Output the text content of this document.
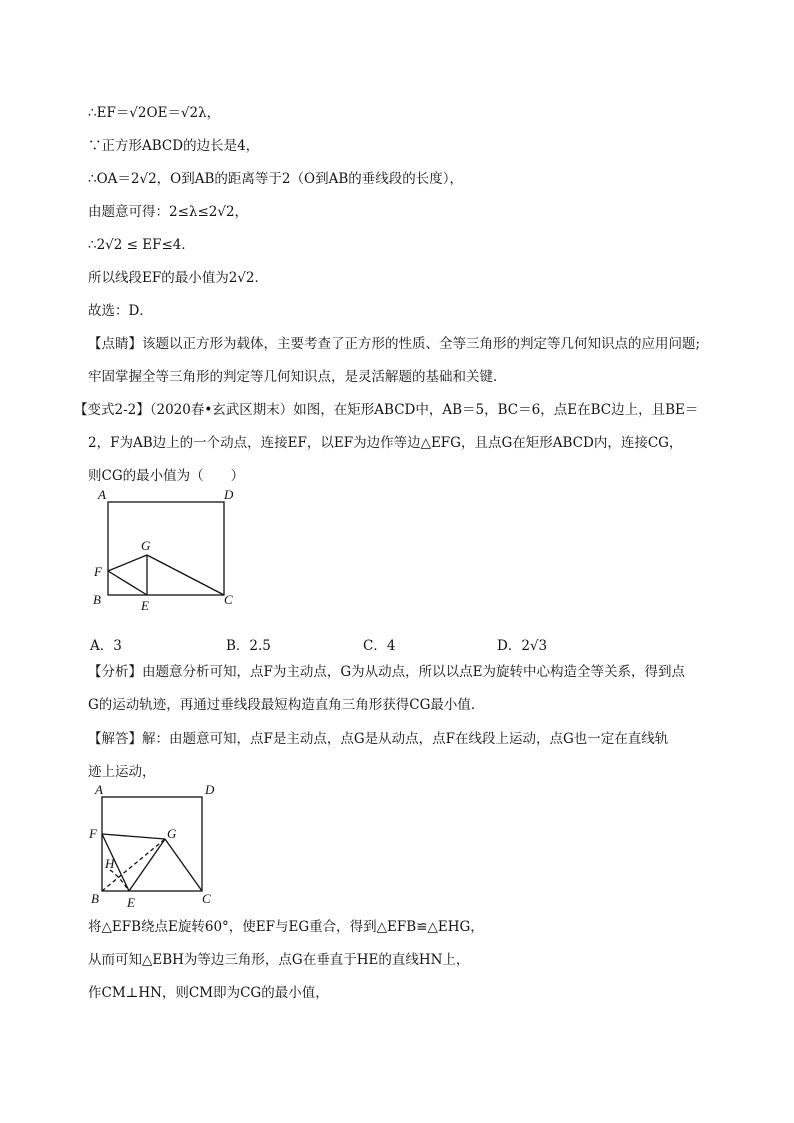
∴EF＝√2OE＝√2λ，
∵正方形ABCD的边长是4，
∴OA＝2√2，O到AB的距离等于2（O到AB的垂线段的长度），
由题意可得：2≤λ≤2√2，
∴2√2 ≤ EF≤4．
所以线段EF的最小值为2√2．
故选：D．
【点睛】该题以正方形为载体，主要考查了正方形的性质、全等三角形的判定等几何知识点的应用问题;
牢固掌握全等三角形的判定等几何知识点，是灵活解题的基础和关键．
【变式2-2】（2020春•玄武区期末）如图，在矩形ABCD中，AB＝5，BC＝6，点E在BC边上，且BE＝
2，F为AB边上的一个动点，连接EF，以EF为边作等边△EFG，且点G在矩形ABCD内，连接CG，
则CG的最小值为（　　）
A	D
G
F
B	E	C
A．3	B．2.5	C．4	D．2√3
【分析】由题意分析可知，点F为主动点，G为从动点，所以以点E为旋转中心构造全等关系，得到点
G的运动轨迹，再通过垂线段最短构造直角三角形获得CG最小值．
【解答】解：由题意可知，点F是主动点，点G是从动点，点F在线段上运动，点G也一定在直线轨
迹上运动，
A	D
G
F
H
B E	C
将△EFB绕点E旋转60°，使EF与EG重合，得到△EFB≌△EHG，
从而可知△EBH为等边三角形，点G在垂直于HE的直线HN上，
作CM⊥HN，则CM即为CG的最小值，
